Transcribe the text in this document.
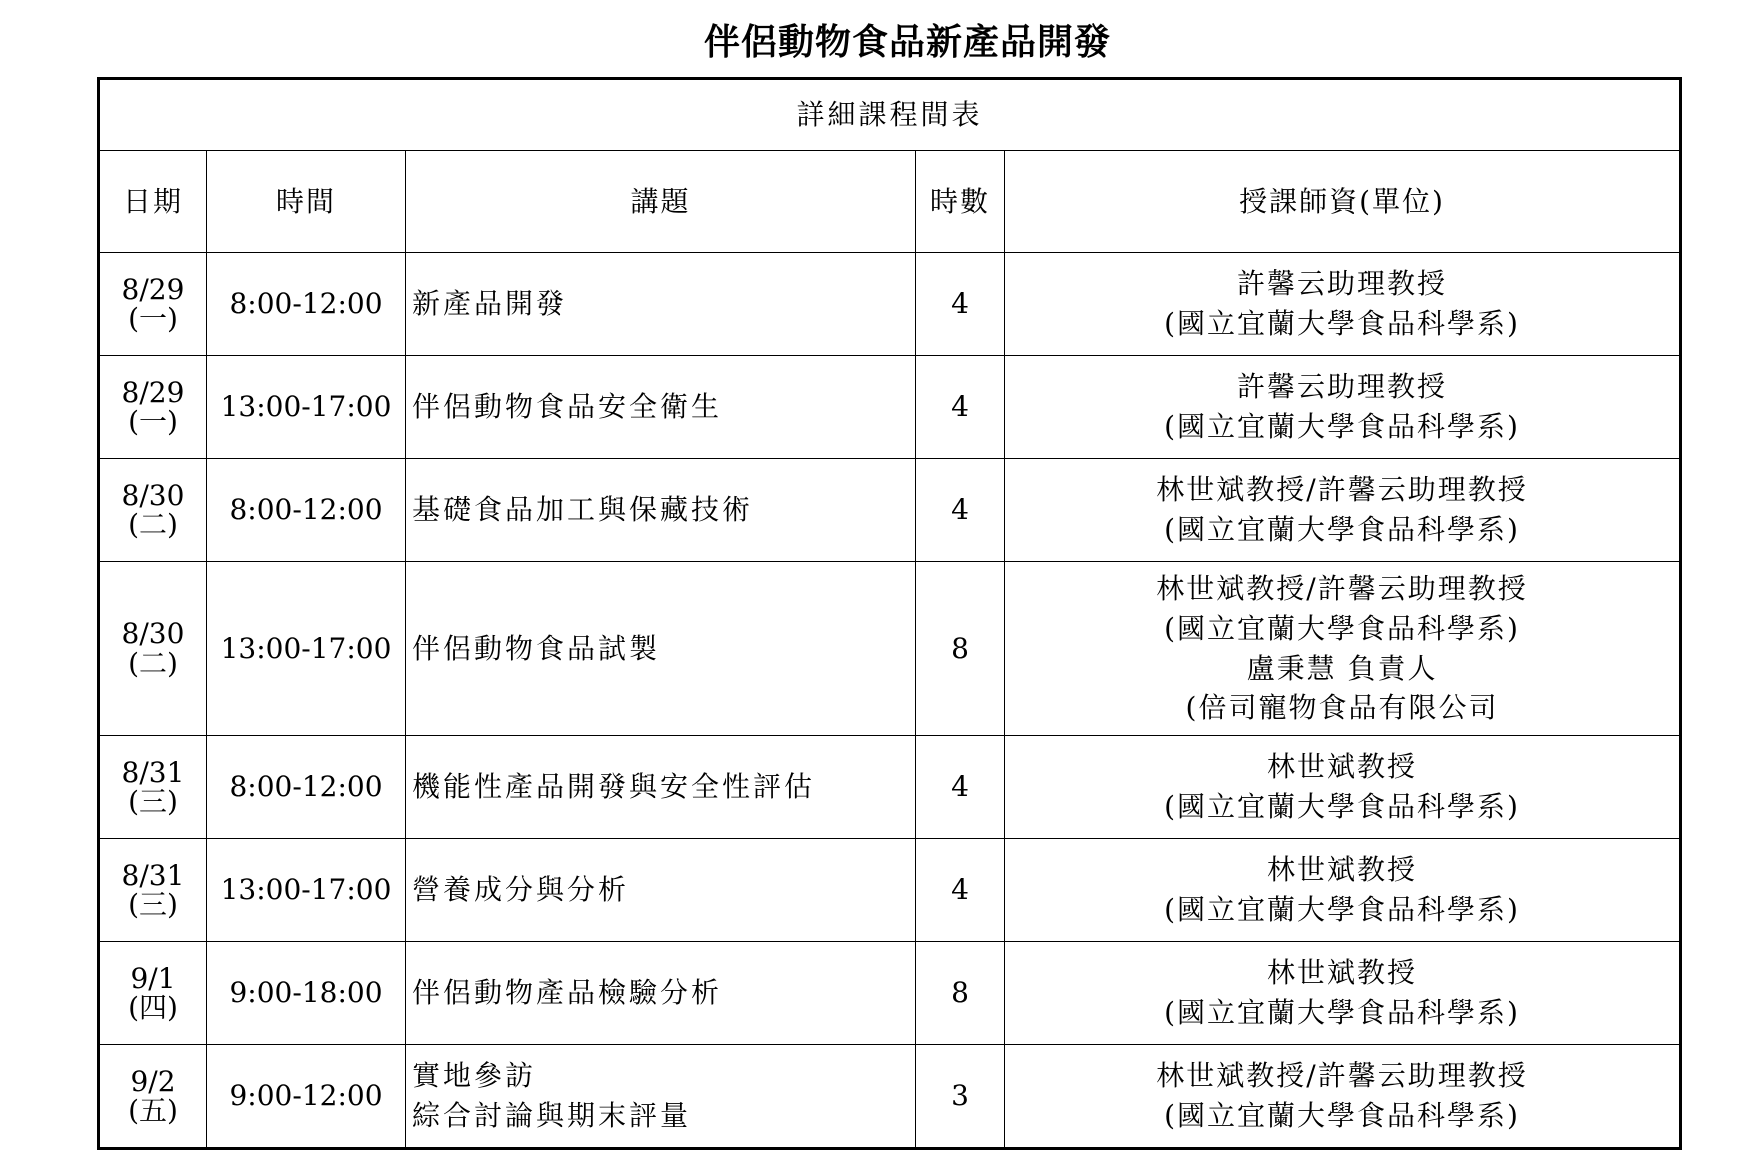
伴侶動物食品新產品開發
詳細課程間表				
日期	時間	講題	時數	授課師資(單位)

8/29
(一)	8:00-12:00	新產品開發	4	許馨云助理教授
(國立宜蘭大學食品科學系)

8/29
(一)	13:00-17:00	伴侶動物食品安全衛生	4	許馨云助理教授
(國立宜蘭大學食品科學系)

8/30
(二)	8:00-12:00	基礎食品加工與保藏技術	4	林世斌教授/許馨云助理教授
(國立宜蘭大學食品科學系)

8/30
(二)	13:00-17:00	伴侶動物食品試製	8	林世斌教授/許馨云助理教授
(國立宜蘭大學食品科學系)
盧秉慧 負責人
(倍司寵物食品有限公司

8/31
(三)	8:00-12:00	機能性產品開發與安全性評估	4	林世斌教授
(國立宜蘭大學食品科學系)

8/31
(三)	13:00-17:00	營養成分與分析	4	林世斌教授
(國立宜蘭大學食品科學系)

9/1
(四)	9:00-18:00	伴侶動物產品檢驗分析	8	林世斌教授
(國立宜蘭大學食品科學系)

9/2
(五)	9:00-12:00	實地參訪
綜合討論與期末評量	3	林世斌教授/許馨云助理教授
(國立宜蘭大學食品科學系)
